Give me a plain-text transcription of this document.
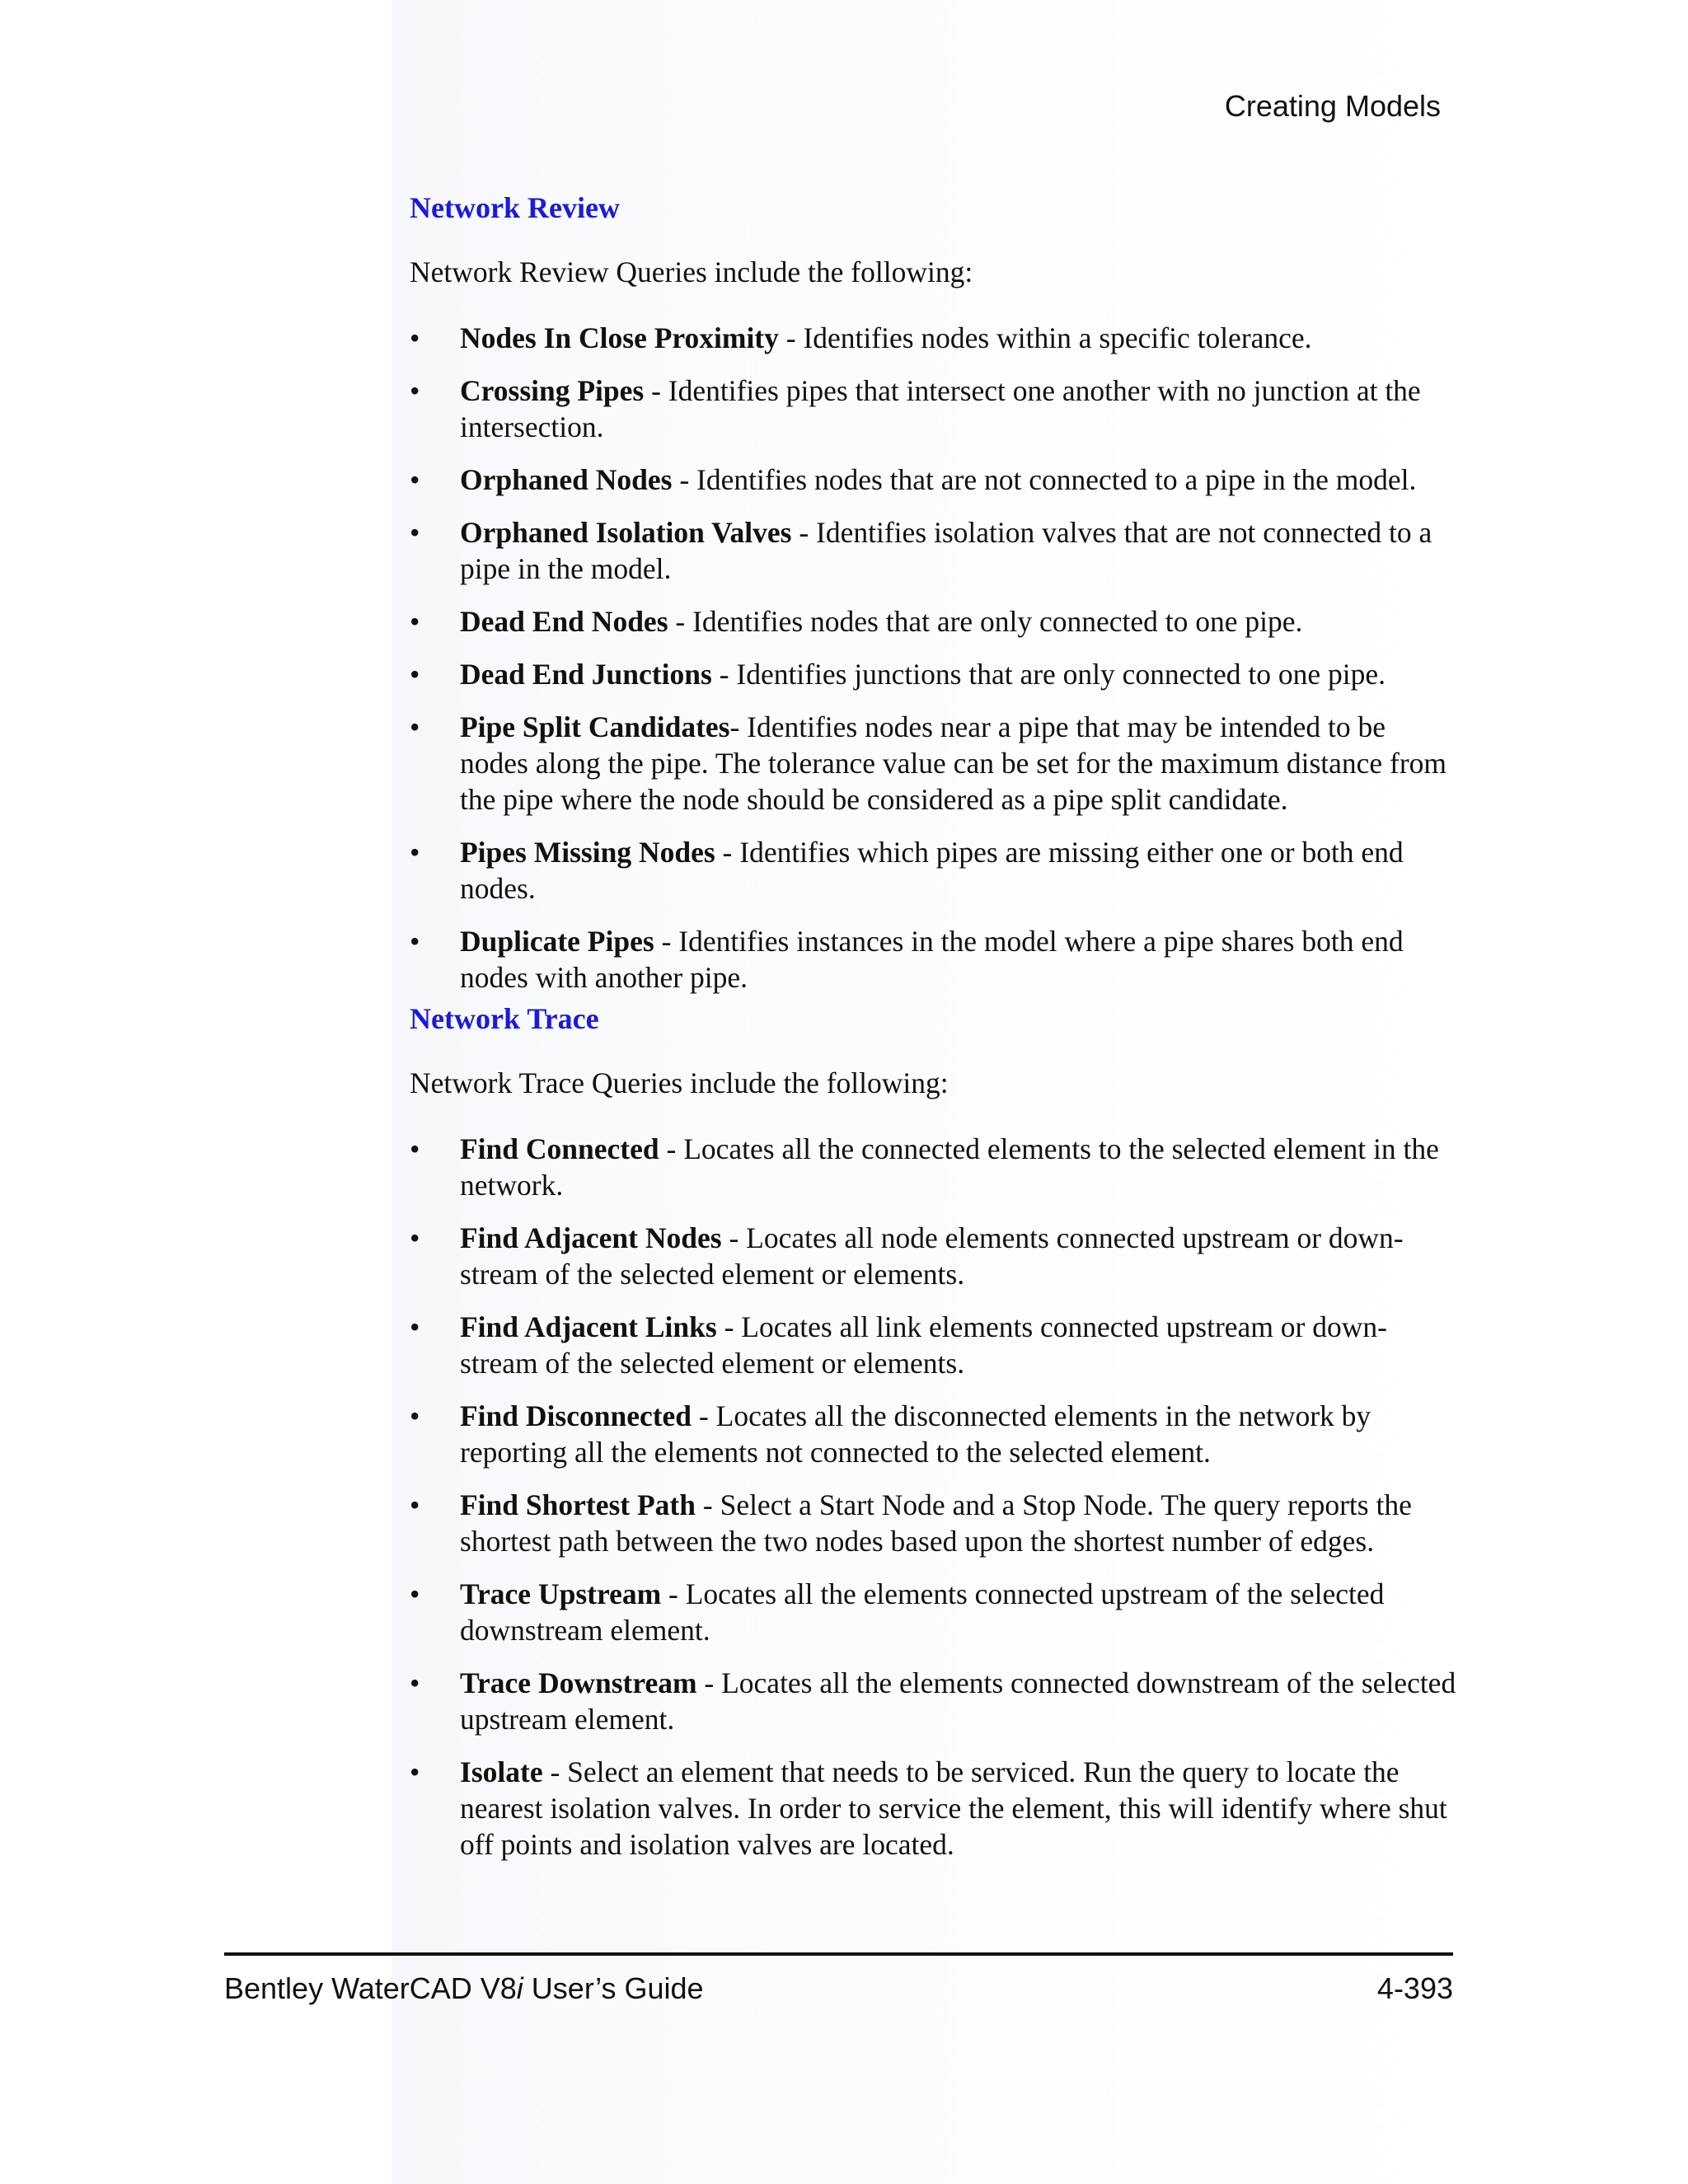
Creating Models
Network Review

Network Review Queries include the following:

• Nodes In Close Proximity - Identifies nodes within a specific tolerance.
• Crossing Pipes - Identifies pipes that intersect one another with no junction at the intersection.
• Orphaned Nodes - Identifies nodes that are not connected to a pipe in the model.
• Orphaned Isolation Valves - Identifies isolation valves that are not connected to a pipe in the model.
• Dead End Nodes - Identifies nodes that are only connected to one pipe.
• Dead End Junctions - Identifies junctions that are only connected to one pipe.
• Pipe Split Candidates- Identifies nodes near a pipe that may be intended to be nodes along the pipe. The tolerance value can be set for the maximum distance from the pipe where the node should be considered as a pipe split candidate.
• Pipes Missing Nodes - Identifies which pipes are missing either one or both end nodes.
• Duplicate Pipes - Identifies instances in the model where a pipe shares both end nodes with another pipe.
Network Trace

Network Trace Queries include the following:

• Find Connected - Locates all the connected elements to the selected element in the network.
• Find Adjacent Nodes - Locates all node elements connected upstream or down-stream of the selected element or elements.
• Find Adjacent Links - Locates all link elements connected upstream or down-stream of the selected element or elements.
• Find Disconnected - Locates all the disconnected elements in the network by reporting all the elements not connected to the selected element.
• Find Shortest Path - Select a Start Node and a Stop Node. The query reports the shortest path between the two nodes based upon the shortest number of edges.
• Trace Upstream - Locates all the elements connected upstream of the selected downstream element.
• Trace Downstream - Locates all the elements connected downstream of the selected upstream element.
• Isolate - Select an element that needs to be serviced. Run the query to locate the nearest isolation valves. In order to service the element, this will identify where shut off points and isolation valves are located.
Bentley WaterCAD V8i User’s Guide	4-393
